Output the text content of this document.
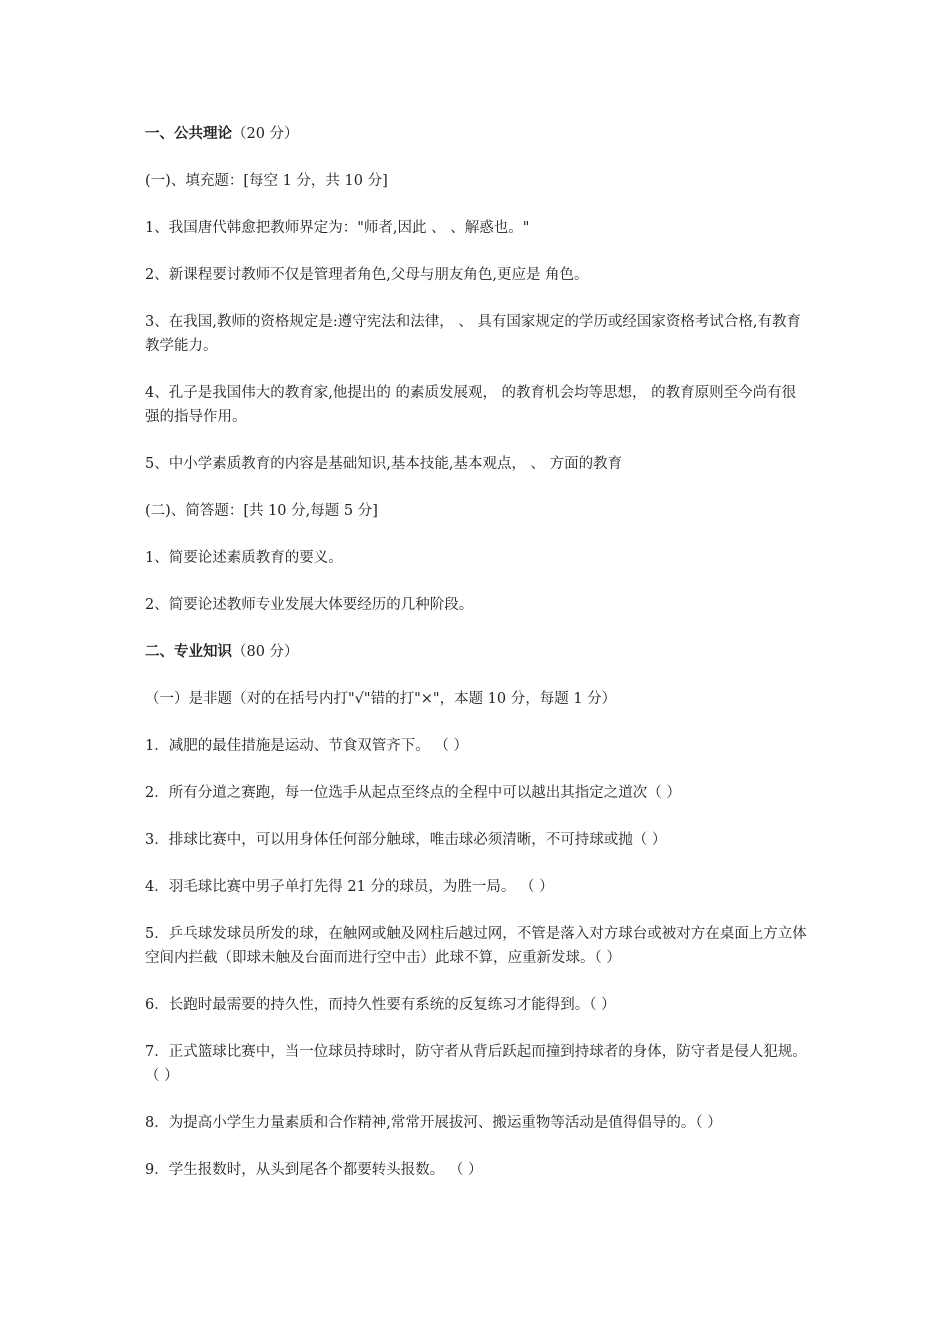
一、公共理论（20 分）

(一)、填充题：[每空 1 分，共 10 分]

1、我国唐代韩愈把教师界定为："师者,因此 、 、解惑也。"

2、新课程要讨教师不仅是管理者角色,父母与朋友角色,更应是 角色。

3、在我国,教师的资格规定是:遵守宪法和法律， 、 具有国家规定的学历或经国家资格考试合格,有教育教学能力。

4、孔子是我国伟大的教育家,他提出的 的素质发展观， 的教育机会均等思想， 的教育原则至今尚有很强的指导作用。

5、中小学素质教育的内容是基础知识,基本技能,基本观点， 、 方面的教育

(二)、简答题：[共 10 分,每题 5 分]

1、简要论述素质教育的要义。

2、简要论述教师专业发展大体要经历的几种阶段。

二、专业知识（80 分）

（一）是非题（对的在括号内打"√"错的打"×"，本题 10 分，每题 1 分）

1．减肥的最佳措施是运动、节食双管齐下。 （ ）

2．所有分道之赛跑，每一位选手从起点至终点的全程中可以越出其指定之道次（ ）

3．排球比赛中，可以用身体任何部分触球，唯击球必须清晰，不可持球或抛（ ）

4．羽毛球比赛中男子单打先得 21 分的球员，为胜一局。 （ ）

5．乒乓球发球员所发的球，在触网或触及网柱后越过网，不管是落入对方球台或被对方在桌面上方立体空间内拦截（即球未触及台面而进行空中击）此球不算，应重新发球。（ ）

6．长跑时最需要的持久性，而持久性要有系统的反复练习才能得到。（ ）

7．正式篮球比赛中，当一位球员持球时，防守者从背后跃起而撞到持球者的身体，防守者是侵人犯规。 （ ）

8．为提高小学生力量素质和合作精神,常常开展拔河、搬运重物等活动是值得倡导的。（ ）

9．学生报数时，从头到尾各个都要转头报数。 （ ）
